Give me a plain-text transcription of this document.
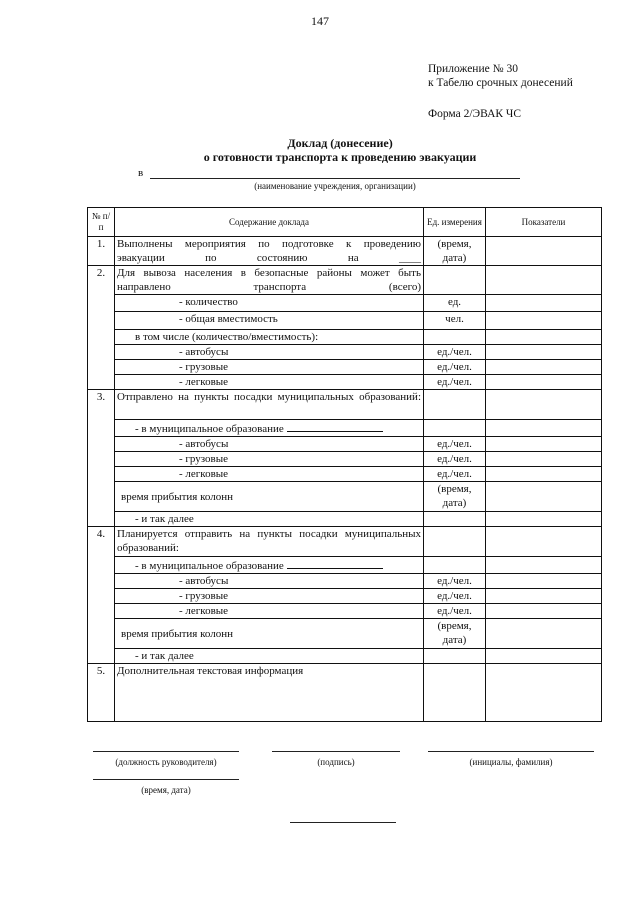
147
Приложение № 30
к Табелю срочных донесений
Форма 2/ЭВАК ЧС
Доклад (донесение)
о готовности транспорта к проведению эвакуации
в
(наименование учреждения, организации)
№ п/п	Содержание доклада	Ед. измерения	Показатели
1.	Выполнены мероприятия по подготовке к проведению эвакуации по состоянию на ____	(время, дата)	
2.	Для вывоза населения в безопасные районы может быть направлено транспорта (всего)		
	- количество	ед.	
	- общая вместимость	чел.	
	в том числе (количество/вместимость):		
	- автобусы	ед./чел.	
	- грузовые	ед./чел.	
	- легковые	ед./чел.	
3.	Отправлено на пункты посадки муниципальных образований:		
	- в муниципальное образование		
	- автобусы	ед./чел.	
	- грузовые	ед./чел.	
	- легковые	ед./чел.	
	время прибытия колонн	(время, дата)	
	- и так далее		
4.	Планируется отправить на пункты посадки муниципальных образований:		
	- в муниципальное образование		
	- автобусы	ед./чел.	
	- грузовые	ед./чел.	
	- легковые	ед./чел.	
	время прибытия колонн	(время, дата)	
	- и так далее		
5.	Дополнительная текстовая информация		
(должность руководителя)	(подпись)	(инициалы, фамилия)
(время, дата)
